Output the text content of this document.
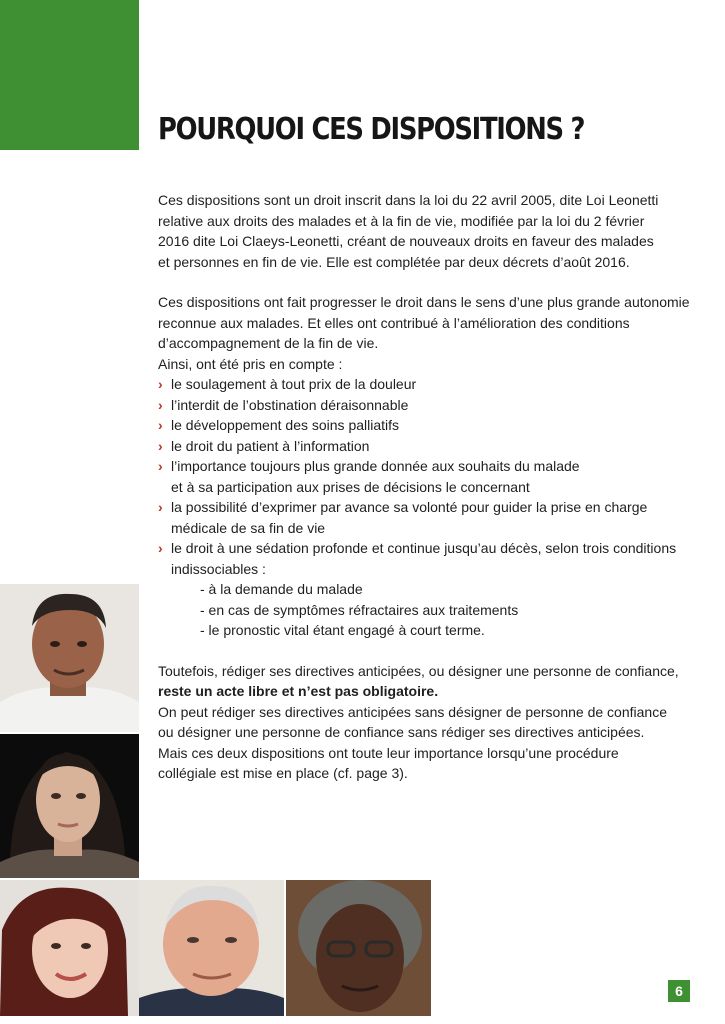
POURQUOI CES DISPOSITIONS ?

Ces dispositions sont un droit inscrit dans la loi du 22 avril 2005, dite Loi Leonetti
relative aux droits des malades et à la fin de vie, modifiée par la loi du 2 février
2016 dite Loi Claeys-Leonetti, créant de nouveaux droits en faveur des malades
et personnes en fin de vie. Elle est complétée par deux décrets d’août 2016.

Ces dispositions ont fait progresser le droit dans le sens d’une plus grande autonomie
reconnue aux malades. Et elles ont contribué à l’amélioration des conditions
d’accompagnement de la fin de vie.
Ainsi, ont été pris en compte :

› le soulagement à tout prix de la douleur
› l’interdit de l’obstination déraisonnable
› le développement des soins palliatifs
› le droit du patient à l’information
› l’importance toujours plus grande donnée aux souhaits du malade
et à sa participation aux prises de décisions le concernant
› la possibilité d’exprimer par avance sa volonté pour guider la prise en charge
médicale de sa fin de vie
› le droit à une sédation profonde et continue jusqu’au décès, selon trois conditions
indissociables :
- à la demande du malade
- en cas de symptômes réfractaires aux traitements
- le pronostic vital étant engagé à court terme.

Toutefois, rédiger ses directives anticipées, ou désigner une personne de confiance,
reste un acte libre et n’est pas obligatoire.
On peut rédiger ses directives anticipées sans désigner de personne de confiance
ou désigner une personne de confiance sans rédiger ses directives anticipées.
Mais ces deux dispositions ont toute leur importance lorsqu’une procédure
collégiale est mise en place (cf. page 3).

6
